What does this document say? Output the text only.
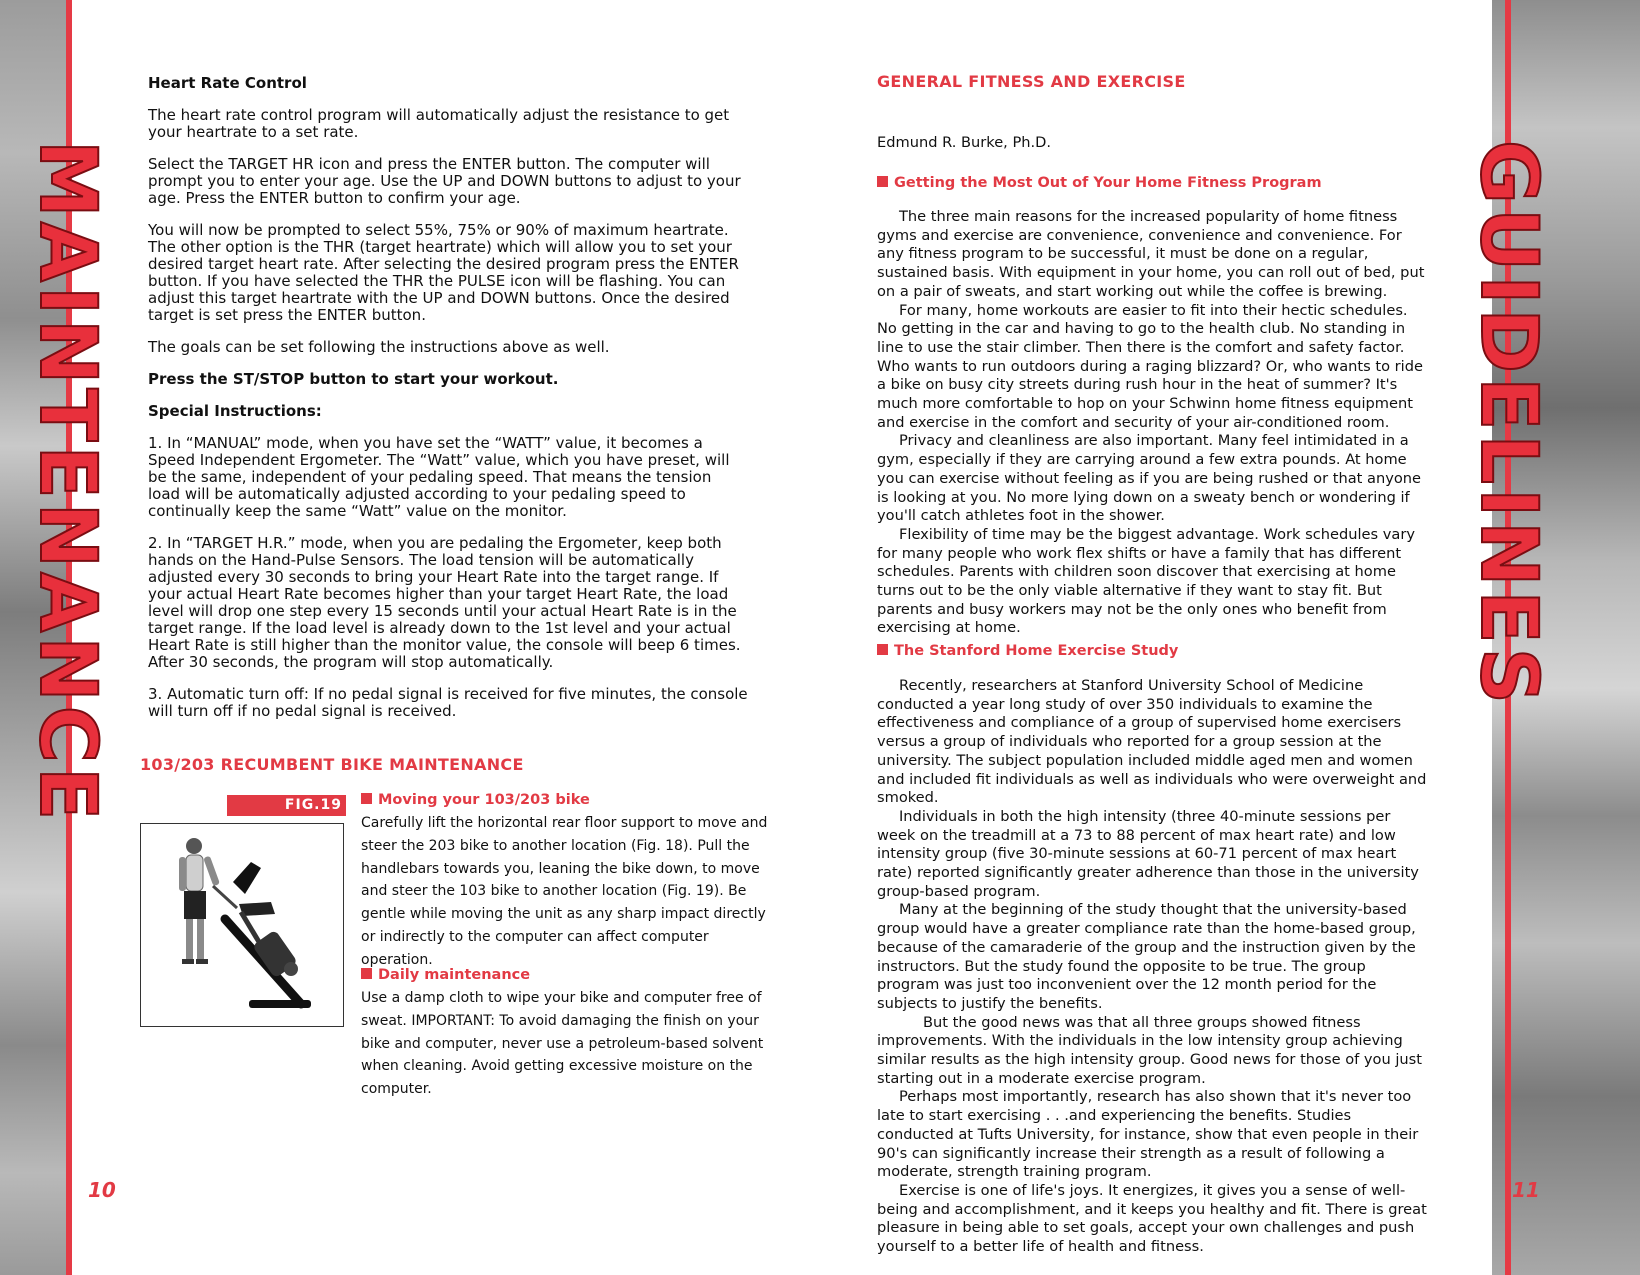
MAINTENANCE	GUIDELINES
10	11

Heart Rate Control

The heart rate control program will automatically adjust the resistance to get your heartrate to a set rate.

Select the TARGET HR icon and press the ENTER button. The computer will prompt you to enter your age. Use the UP and DOWN buttons to adjust to your age. Press the ENTER button to confirm your age.

You will now be prompted to select 55%, 75% or 90% of maximum heartrate. The other option is the THR (target heartrate) which will allow you to set your desired target heart rate. After selecting the desired program press the ENTER button. If you have selected the THR the PULSE icon will be flashing. You can adjust this target heartrate with the UP and DOWN buttons. Once the desired target is set press the ENTER button.

The goals can be set following the instructions above as well.

Press the ST/STOP button to start your workout.

Special Instructions:

1. In “MANUAL” mode, when you have set the “WATT” value, it becomes a Speed Independent Ergometer. The “Watt” value, which you have preset, will be the same, independent of your pedaling speed. That means the tension load will be automatically adjusted according to your pedaling speed to continually keep the same “Watt” value on the monitor.

2. In “TARGET H.R.” mode, when you are pedaling the Ergometer, keep both hands on the Hand-Pulse Sensors. The load tension will be automatically adjusted every 30 seconds to bring your Heart Rate into the target range. If your actual Heart Rate becomes higher than your target Heart Rate, the load level will drop one step every 15 seconds until your actual Heart Rate is in the target range. If the load level is already down to the 1st level and your actual Heart Rate is still higher than the monitor value, the console will beep 6 times. After 30 seconds, the program will stop automatically.

3. Automatic turn off: If no pedal signal is received for five minutes, the console will turn off if no pedal signal is received.

103/203 RECUMBENT BIKE MAINTENANCE
FIG.19	Moving your 103/203 bike
Carefully lift the horizontal rear floor support to move and steer the 203 bike to another location (Fig. 18). Pull the handlebars towards you, leaning the bike down, to move and steer the 103 bike to another location (Fig. 19). Be gentle while moving the unit as any sharp impact directly or indirectly to the computer can affect computer operation.
Daily maintenance
Use a damp cloth to wipe your bike and computer free of sweat. IMPORTANT: To avoid damaging the finish on your bike and computer, never use a petroleum-based solvent when cleaning. Avoid getting excessive moisture on the computer.
GENERAL FITNESS AND EXERCISE
Edmund R. Burke, Ph.D.
Getting the Most Out of Your Home Fitness Program

The three main reasons for the increased popularity of home fitness gyms and exercise are convenience, convenience and convenience. For any fitness program to be successful, it must be done on a regular, sustained basis. With equipment in your home, you can roll out of bed, put on a pair of sweats, and start working out while the coffee is brewing.

For many, home workouts are easier to fit into their hectic schedules. No getting in the car and having to go to the health club. No standing in line to use the stair climber. Then there is the comfort and safety factor. Who wants to run outdoors during a raging blizzard? Or, who wants to ride a bike on busy city streets during rush hour in the heat of summer? It's much more comfortable to hop on your Schwinn home fitness equipment and exercise in the comfort and security of your air-conditioned room.

Privacy and cleanliness are also important. Many feel intimidated in a gym, especially if they are carrying around a few extra pounds. At home you can exercise without feeling as if you are being rushed or that anyone is looking at you. No more lying down on a sweaty bench or wondering if you'll catch athletes foot in the shower.

Flexibility of time may be the biggest advantage. Work schedules vary for many people who work flex shifts or have a family that has different schedules. Parents with children soon discover that exercising at home turns out to be the only viable alternative if they want to stay fit. But parents and busy workers may not be the only ones who benefit from exercising at home.

The Stanford Home Exercise Study

Recently, researchers at Stanford University School of Medicine conducted a year long study of over 350 individuals to examine the effectiveness and compliance of a group of supervised home exercisers versus a group of individuals who reported for a group session at the university. The subject population included middle aged men and women and included fit individuals as well as individuals who were overweight and smoked.

Individuals in both the high intensity (three 40-minute sessions per week on the treadmill at a 73 to 88 percent of max heart rate) and low intensity group (five 30-minute sessions at 60-71 percent of max heart rate) reported significantly greater adherence than those in the university group-based program.

Many at the beginning of the study thought that the university-based group would have a greater compliance rate than the home-based group, because of the camaraderie of the group and the instruction given by the instructors. But the study found the opposite to be true. The group program was just too inconvenient over the 12 month period for the subjects to justify the benefits.

But the good news was that all three groups showed fitness improvements. With the individuals in the low intensity group achieving similar results as the high intensity group. Good news for those of you just starting out in a moderate exercise program.

Perhaps most importantly, research has also shown that it's never too late to start exercising . . .and experiencing the benefits. Studies conducted at Tufts University, for instance, show that even people in their 90's can significantly increase their strength as a result of following a moderate, strength training program.

Exercise is one of life's joys. It energizes, it gives you a sense of well-being and accomplishment, and it keeps you healthy and fit. There is great pleasure in being able to set goals, accept your own challenges and push yourself to a better life of health and fitness.
